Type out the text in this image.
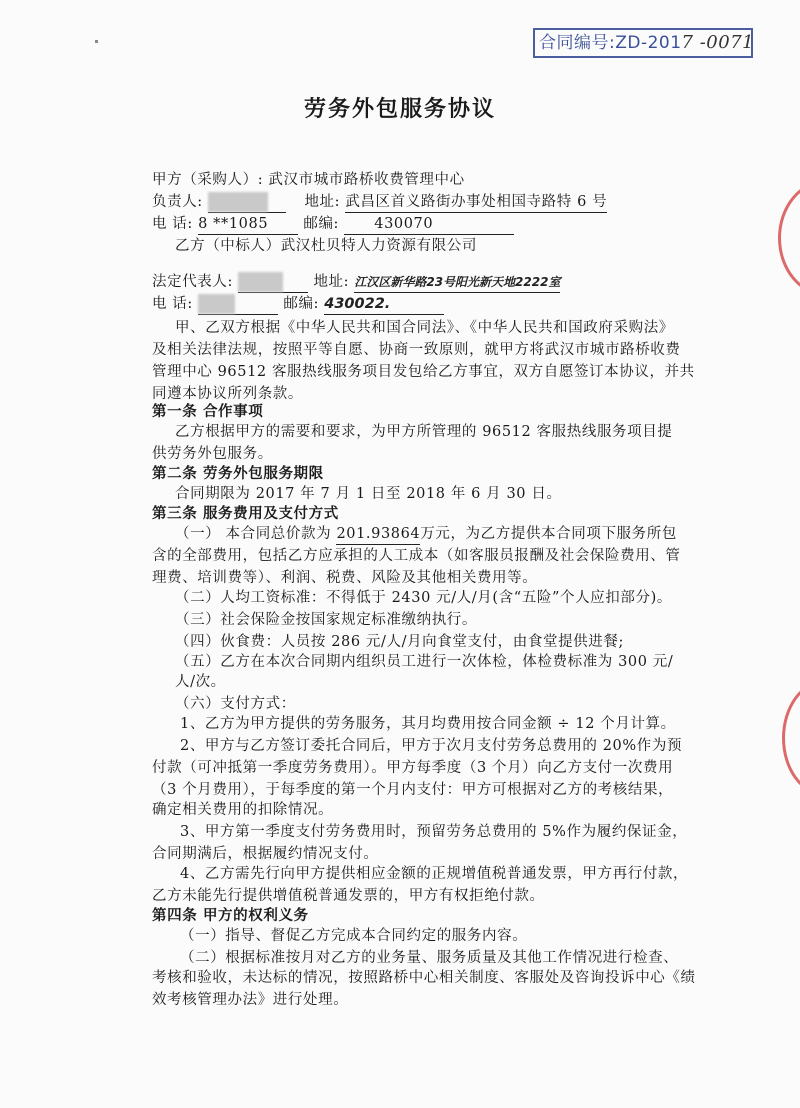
合同编号:ZD-2017 -0071
劳务外包服务协议
甲方（采购人）: 武汉市城市路桥收费管理中心
负责人:	地址: 武昌区首义路街办事处相国寺路特 6 号
电 话: 8 **1085 邮编: 430070
乙方（中标人）武汉杜贝特人力资源有限公司
法定代表人:	地址: 江汉区新华路23号阳光新天地2222室
电 话:	邮编: 430022.
甲、乙双方根据《中华人民共和国合同法》、《中华人民共和国政府采购法》
及相关法律法规，按照平等自愿、协商一致原则，就甲方将武汉市城市路桥收费
管理中心 96512 客服热线服务项目发包给乙方事宜，双方自愿签订本协议，并共
同遵本协议所列条款。
第一条 合作事项
乙方根据甲方的需要和要求，为甲方所管理的 96512 客服热线服务项目提
供劳务外包服务。
第二条 劳务外包服务期限
合同期限为 2017 年 7 月 1 日至 2018 年 6 月 30 日。
第三条 服务费用及支付方式
（一） 本合同总价款为 201.93864万元，为乙方提供本合同项下服务所包
含的全部费用，包括乙方应承担的人工成本（如客服员报酬及社会保险费用、管
理费、培训费等）、利润、税费、风险及其他相关费用等。
（二）人均工资标准：不得低于 2430 元/人/月(含“五险”个人应扣部分)。
（三）社会保险金按国家规定标准缴纳执行。
（四）伙食费：人员按 286 元/人/月向食堂支付，由食堂提供进餐;
（五）乙方在本次合同期内组织员工进行一次体检，体检费标准为 300 元/
人/次。
（六）支付方式：
1、乙方为甲方提供的劳务服务，其月均费用按合同金额 ÷ 12 个月计算。
2、甲方与乙方签订委托合同后，甲方于次月支付劳务总费用的 20%作为预
付款（可冲抵第一季度劳务费用）。甲方每季度（3 个月）向乙方支付一次费用
（3 个月费用），于每季度的第一个月内支付：甲方可根据对乙方的考核结果，
确定相关费用的扣除情况。
3、甲方第一季度支付劳务费用时，预留劳务总费用的 5%作为履约保证金，
合同期满后，根据履约情况支付。
4、乙方需先行向甲方提供相应金额的正规增值税普通发票，甲方再行付款，
乙方未能先行提供增值税普通发票的，甲方有权拒绝付款。
第四条 甲方的权利义务
（一）指导、督促乙方完成本合同约定的服务内容。
（二）根据标准按月对乙方的业务量、服务质量及其他工作情况进行检查、
考核和验收，未达标的情况，按照路桥中心相关制度、客服处及咨询投诉中心《绩
效考核管理办法》进行处理。
